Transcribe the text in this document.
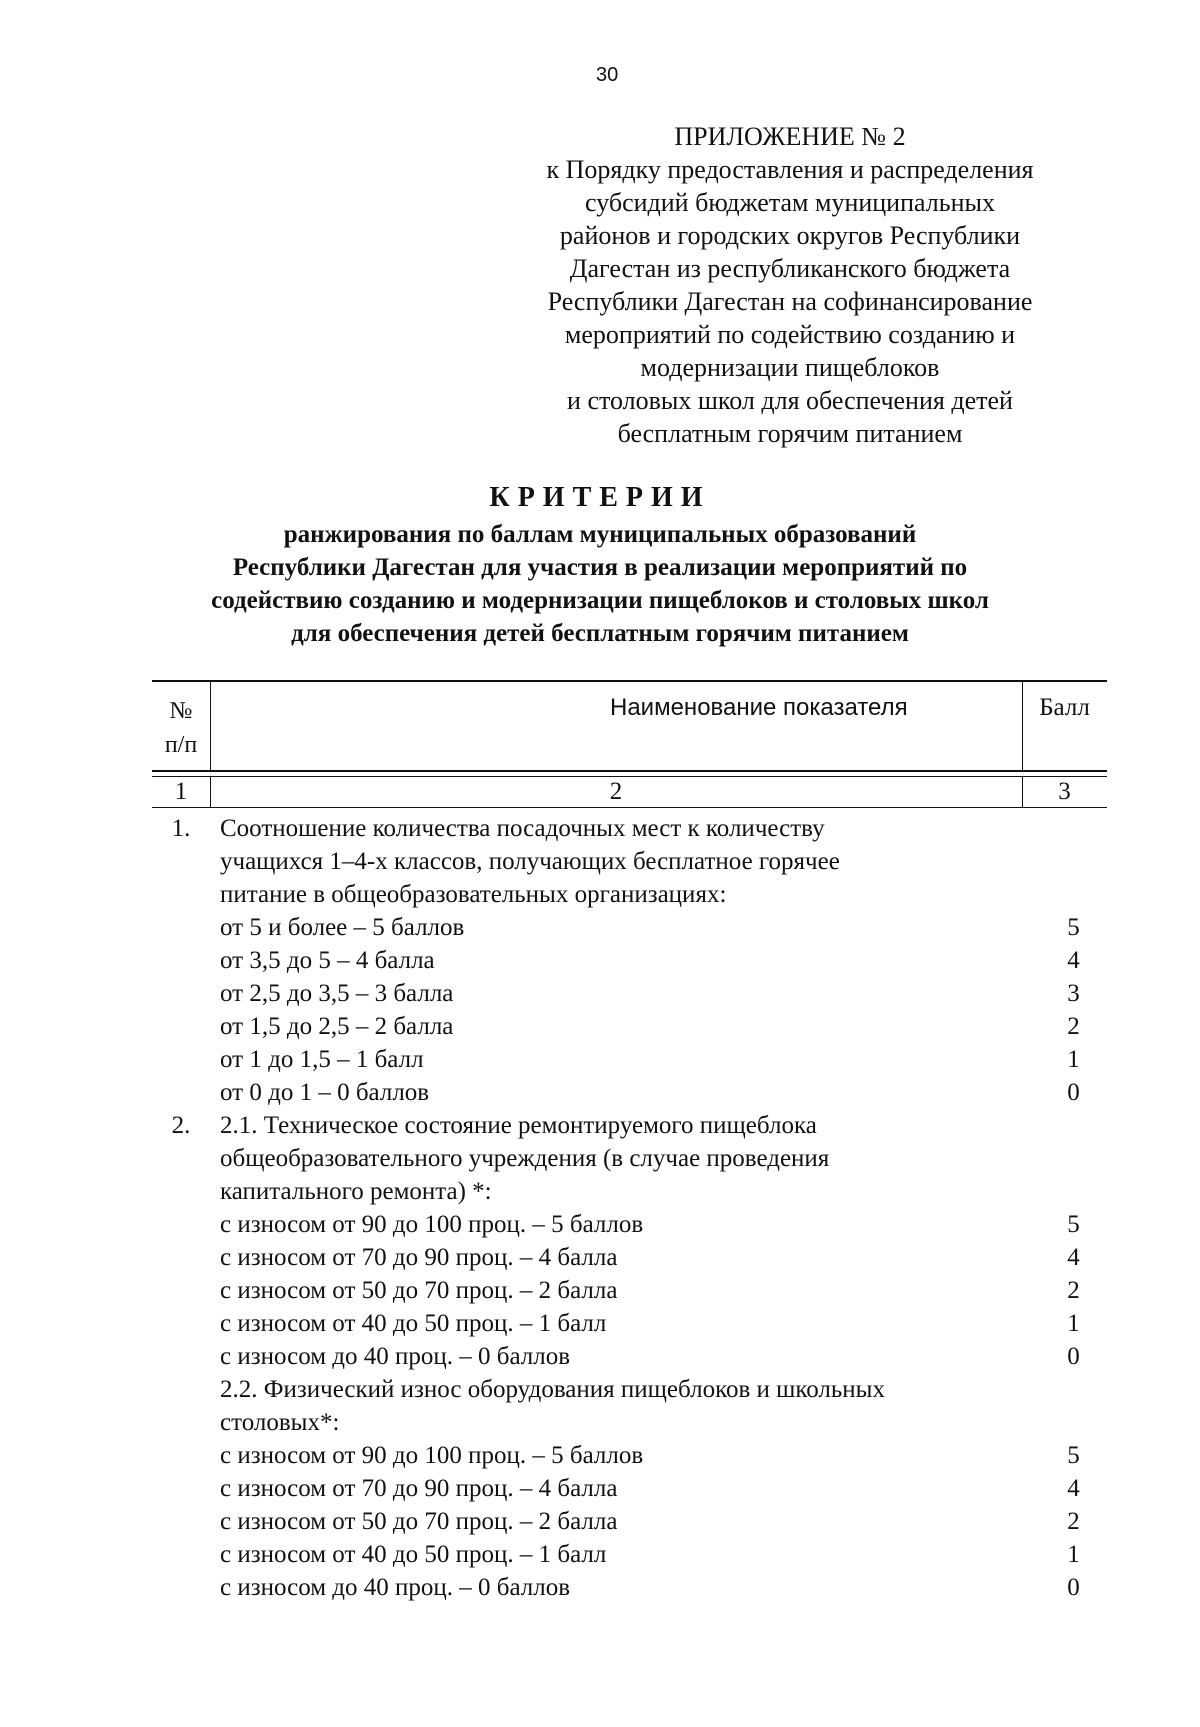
30
ПРИЛОЖЕНИЕ № 2
к Порядку предоставления и распределения
субсидий бюджетам муниципальных
районов и городских округов Республики
Дагестан из республиканского бюджета
Республики Дагестан на софинансирование
мероприятий по содействию созданию и
модернизации пищеблоков
и столовых школ для обеспечения детей
бесплатным горячим питанием
КРИТЕРИИ
ранжирования по баллам муниципальных образований
Республики Дагестан для участия в реализации мероприятий по
содействию созданию и модернизации пищеблоков и столовых школ
для обеспечения детей бесплатным горячим питанием
№
п/п
Наименование показателя	Балл
1	2	3
1.	Соотношение количества посадочных мест к количеству
учащихся 1–4-х классов, получающих бесплатное горячее
питание в общеобразовательных организациях:
от 5 и более – 5 баллов	5
от 3,5 до 5 – 4 балла	4
от 2,5 до 3,5 – 3 балла	3
от 1,5 до 2,5 – 2 балла	2
от 1 до 1,5 – 1 балл	1
от 0 до 1 – 0 баллов	0
2.	2.1. Техническое состояние ремонтируемого пищеблока
общеобразовательного учреждения (в случае проведения
капитального ремонта) *:
с износом от 90 до 100 проц. – 5 баллов	5
с износом от 70 до 90 проц. – 4 балла	4
с износом от 50 до 70 проц. – 2 балла	2
с износом от 40 до 50 проц. – 1 балл	1
с износом до 40 проц. – 0 баллов	0
2.2. Физический износ оборудования пищеблоков и школьных
столовых*:
с износом от 90 до 100 проц. – 5 баллов	5
с износом от 70 до 90 проц. – 4 балла	4
с износом от 50 до 70 проц. – 2 балла	2
с износом от 40 до 50 проц. – 1 балл	1
с износом до 40 проц. – 0 баллов	0
